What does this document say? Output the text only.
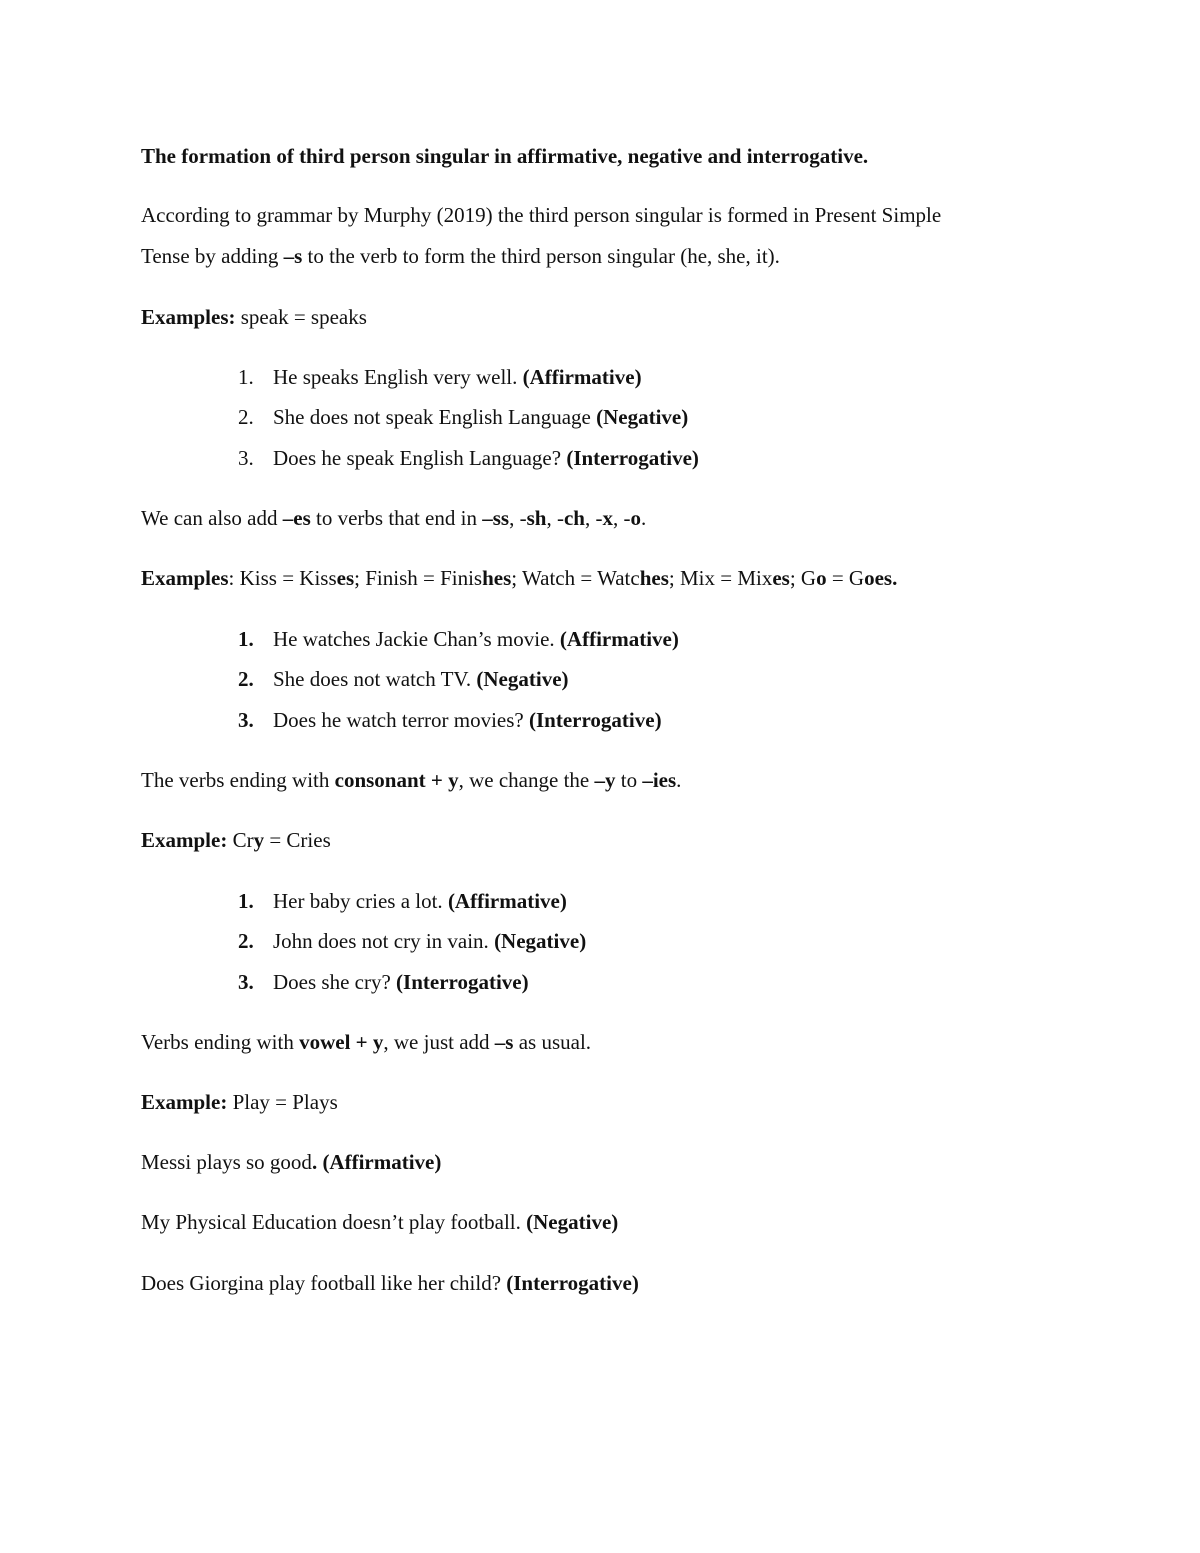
The formation of third person singular in affirmative, negative and interrogative.
According to grammar by Murphy (2019) the third person singular is formed in Present Simple
Tense by adding –s to the verb to form the third person singular (he, she, it).
Examples: speak = speaks
1. He speaks English very well. (Affirmative)
2. She does not speak English Language (Negative)
3. Does he speak English Language? (Interrogative)
We can also add –es to verbs that end in –ss, -sh, -ch, -x, -o.
Examples: Kiss = Kisses; Finish = Finishes; Watch = Watches; Mix = Mixes; Go = Goes.
1. He watches Jackie Chan’s movie. (Affirmative)
2. She does not watch TV. (Negative)
3. Does he watch terror movies? (Interrogative)
The verbs ending with consonant + y, we change the –y to –ies.
Example: Cry = Cries
1. Her baby cries a lot. (Affirmative)
2. John does not cry in vain. (Negative)
3. Does she cry? (Interrogative)
Verbs ending with vowel + y, we just add –s as usual.
Example: Play = Plays
Messi plays so good. (Affirmative)
My Physical Education doesn’t play football. (Negative)
Does Giorgina play football like her child? (Interrogative)
